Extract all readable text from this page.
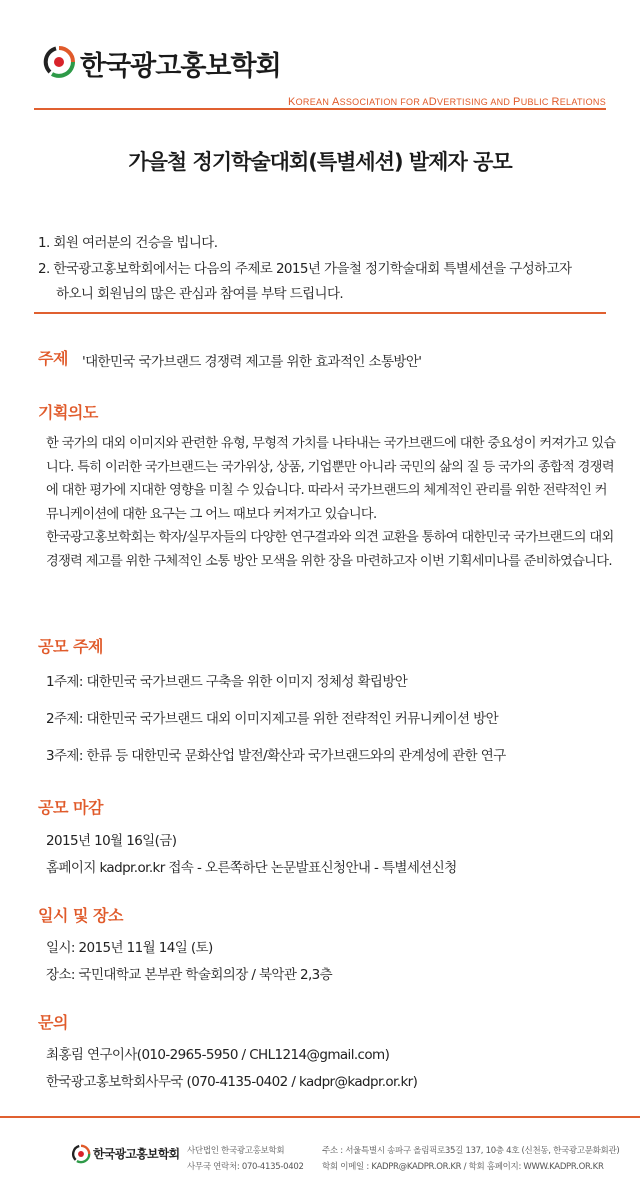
한국광고홍보학회
KOREAN ASSOCIATION FOR ADVERTISING AND PUBLIC RELATIONS
가을철 정기학술대회(특별세션) 발제자 공모
1. 회원 여러분의 건승을 빕니다.
2. 한국광고홍보학회에서는 다음의 주제로 2015년 가을철 정기학술대회 특별세션을 구성하고자
하오니 회원님의 많은 관심과 참여를 부탁 드립니다.
주제 '대한민국 국가브랜드 경쟁력 제고를 위한 효과적인 소통방안'
기획의도

한 국가의 대외 이미지와 관련한 유형, 무형적 가치를 나타내는 국가브랜드에 대한 중요성이 커져가고 있습니다. 특히 이러한 국가브랜드는 국가위상, 상품, 기업뿐만 아니라 국민의 삶의 질 등 국가의 종합적 경쟁력에 대한 평가에 지대한 영향을 미칠 수 있습니다. 따라서 국가브랜드의 체계적인 관리를 위한 전략적인 커뮤니케이션에 대한 요구는 그 어느 때보다 커져가고 있습니다.

한국광고홍보학회는 학자/실무자들의 다양한 연구결과와 의견 교환을 통하여 대한민국 국가브랜드의 대외 경쟁력 제고를 위한 구체적인 소통 방안 모색을 위한 장을 마련하고자 이번 기획세미나를 준비하였습니다.

공모 주제
1주제: 대한민국 국가브랜드 구축을 위한 이미지 정체성 확립방안
2주제: 대한민국 국가브랜드 대외 이미지제고를 위한 전략적인 커뮤니케이션 방안
3주제: 한류 등 대한민국 문화산업 발전/확산과 국가브랜드와의 관계성에 관한 연구
공모 마감
2015년 10월 16일(금)
홈페이지 kadpr.or.kr 접속 - 오른쪽하단 논문발표신청안내 - 특별세션신청
일시 및 장소
일시: 2015년 11월 14일 (토)
장소: 국민대학교 본부관 학술회의장 / 북악관 2,3층
문의
최홍림 연구이사(010-2965-5950 / CHL1214@gmail.com)
한국광고홍보학회사무국 (070-4135-0402 / kadpr@kadpr.or.kr)
한국광고홍보학회 사단법인 한국광고홍보학회	주소 : 서울특별시 송파구 올림픽로35길 137, 10층 4호 (신천동, 한국광고문화회관)
사무국 연락처: 070-4135-0402 학회 이메일 : KADPR@KADPR.OR.KR / 학회 홈페이지: WWW.KADPR.OR.KR
